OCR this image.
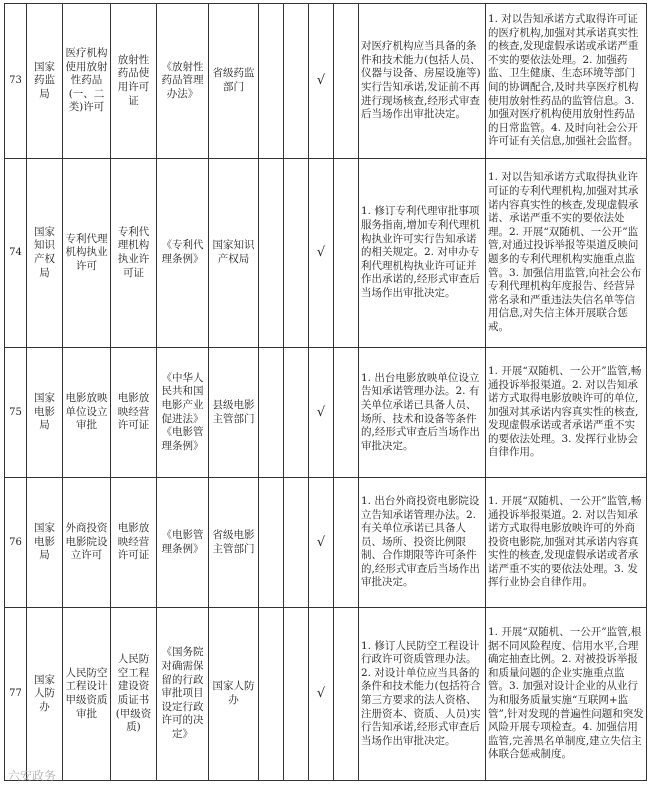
73	国家药监局	医疗机构使用放射性药品(一、二类)许可	放射性药品使用许可证	《放射性药品管理办法》	省级药监部门			√		对医疗机构应当具备的条件和技术能力(包括人员、仪器与设备、房屋设施等)实行告知承诺,发证前不再进行现场核查,经形式审查后当场作出审批决定。	1. 对以告知承诺方式取得许可证的医疗机构,加强对其承诺真实性的核查,发现虚假承诺或承诺严重不实的要依法处理。2. 加强药监、卫生健康、生态环境等部门间的协调配合,及时共享医疗机构使用放射性药品的监管信息。3. 加强对医疗机构使用放射性药品的日常监管。4. 及时向社会公开许可证有关信息,加强社会监督。
74	国家知识产权局	专利代理机构执业许可	专利代理机构执业许可证	《专利代理条例》	国家知识产权局			√		1. 修订专利代理审批事项服务指南,增加专利代理机构执业许可实行告知承诺的相关规定。2. 对申办专利代理机构执业许可证并作出承诺的,经形式审查后当场作出审批决定。	1. 对以告知承诺方式取得执业许可证的专利代理机构,加强对其承诺内容真实性的核查,发现虚假承诺、承诺严重不实的要依法处理。2. 开展“双随机、一公开”监管,对通过投诉举报等渠道反映问题多的专利代理机构实施重点监管。3. 加强信用监管,向社会公布专利代理机构年度报告、经营异常名录和严重违法失信名单等信用信息,对失信主体开展联合惩戒。
75	国家电影局	电影放映单位设立审批	电影放映经营许可证	《中华人民共和国电影产业促进法》《电影管理条例》	县级电影主管部门			√		1. 出台电影放映单位设立告知承诺管理办法。2. 有关单位承诺已具备人员、场所、技术和设备等条件的,经形式审查后当场作出审批决定。	1. 开展“双随机、一公开”监管,畅通投诉举报渠道。2. 对以告知承诺方式取得电影放映许可的单位,加强对其承诺内容真实性的核查,发现虚假承诺或者承诺严重不实的要依法处理。3. 发挥行业协会自律作用。
76	国家电影局	外商投资电影院设立许可	电影放映经营许可证	《电影管理条例》	省级电影主管部门			√		1. 出台外商投资电影院设立告知承诺管理办法。2. 有关单位承诺已具备人员、场所、投资比例限制、合作期限等许可条件的,经形式审查后当场作出审批决定。	1. 开展“双随机、一公开”监管,畅通投诉举报渠道。2. 对以告知承诺方式取得电影放映许可的外商投资电影院,加强对其承诺内容真实性的核查,发现虚假承诺或者承诺严重不实的要依法处理。3. 发挥行业协会自律作用。
77	国家人防办	人民防空工程设计甲级资质审批	人民防空工程建设资质证书(甲级资质)	《国务院对确需保留的行政审批项目设定行政许可的决定》	国家人防办			√		1. 修订人民防空工程设计行政许可资质管理办法。2. 对设计单位应当具备的条件和技术能力(包括符合第三方要求的法人资格、注册资本、资质、人员)实行告知承诺,经形式审查后当场作出审批决定。	1. 开展“双随机、一公开”监管,根据不同风险程度、信用水平,合理确定抽查比例。2. 对被投诉举报和质量问题的企业实施重点监管。3. 加强对设计企业的从业行为和服务质量实施“互联网+监管”,针对发现的普遍性问题和突发风险开展专项检查。4. 加强信用监管,完善黑名单制度,建立失信主体联合惩戒制度。
六安政务
